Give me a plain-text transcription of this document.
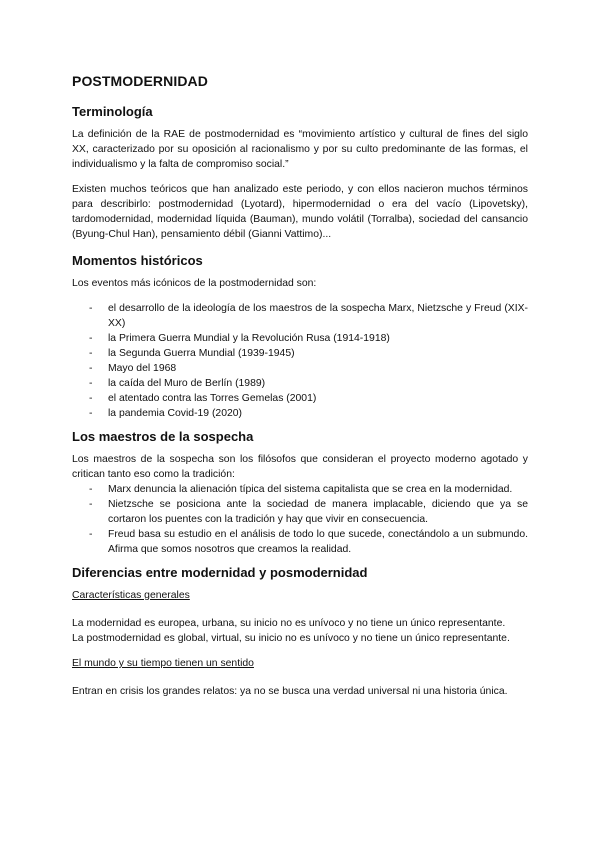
POSTMODERNIDAD
Terminología
La definición de la RAE de postmodernidad es “movimiento artístico y cultural de fines del siglo XX, caracterizado por su oposición al racionalismo y por su culto predominante de las formas, el individualismo y la falta de compromiso social.”
Existen muchos teóricos que han analizado este periodo, y con ellos nacieron muchos términos para describirlo: postmodernidad (Lyotard), hipermodernidad o era del vacío (Lipovetsky), tardomodernidad, modernidad líquida (Bauman), mundo volátil (Torralba), sociedad del cansancio (Byung-Chul Han), pensamiento débil (Gianni Vattimo)...
Momentos históricos
Los eventos más icónicos de la postmodernidad son:
- el desarrollo de la ideología de los maestros de la sospecha Marx, Nietzsche y Freud (XIX-XX)
- la Primera Guerra Mundial y la Revolución Rusa (1914-1918)
- la Segunda Guerra Mundial (1939-1945)
- Mayo del 1968
- la caída del Muro de Berlín (1989)
- el atentado contra las Torres Gemelas (2001)
- la pandemia Covid-19 (2020)
Los maestros de la sospecha
Los maestros de la sospecha son los filósofos que consideran el proyecto moderno agotado y critican tanto eso como la tradición:
- Marx denuncia la alienación típica del sistema capitalista que se crea en la modernidad.
- Nietzsche se posiciona ante la sociedad de manera implacable, diciendo que ya se cortaron los puentes con la tradición y hay que vivir en consecuencia.
- Freud basa su estudio en el análisis de todo lo que sucede, conectándolo a un submundo. Afirma que somos nosotros que creamos la realidad.
Diferencias entre modernidad y posmodernidad
Características generales
La modernidad es europea, urbana, su inicio no es unívoco y no tiene un único representante.
La postmodernidad es global, virtual, su inicio no es unívoco y no tiene un único representante.
El mundo y su tiempo tienen un sentido
Entran en crisis los grandes relatos: ya no se busca una verdad universal ni una historia única.
